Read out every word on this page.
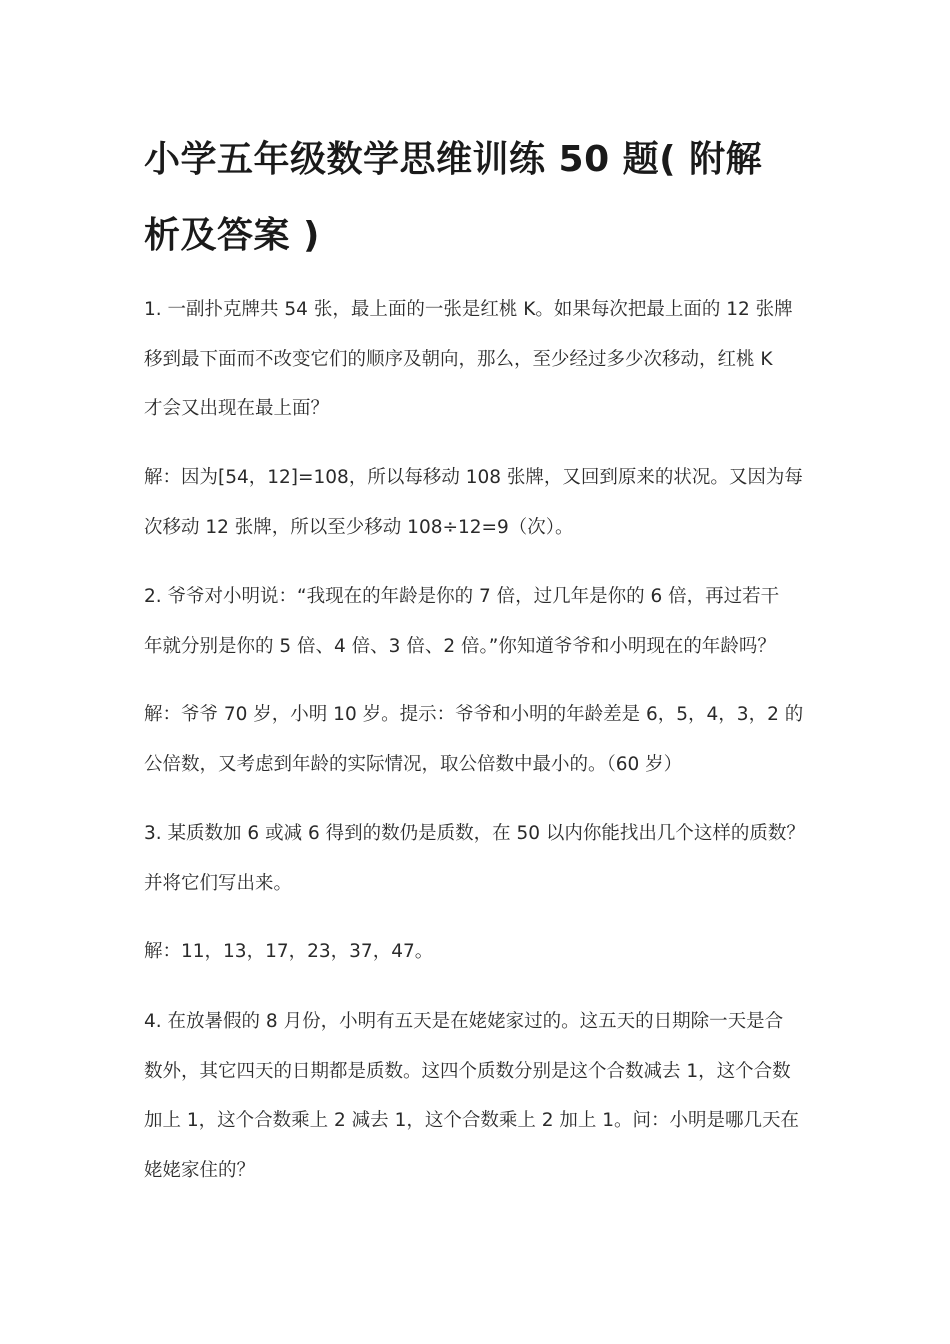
小学五年级数学思维训练 50 题( 附解
析及答案 )

1. 一副扑克牌共 54 张，最上面的一张是红桃 K。如果每次把最上面的 12 张牌
移到最下面而不改变它们的顺序及朝向，那么，至少经过多少次移动，红桃 K
才会又出现在最上面？

解：因为[54，12]=108，所以每移动 108 张牌，又回到原来的状况。又因为每
次移动 12 张牌，所以至少移动 108÷12=9（次）。

2. 爷爷对小明说：“我现在的年龄是你的 7 倍，过几年是你的 6 倍，再过若干
年就分别是你的 5 倍、4 倍、3 倍、2 倍。”你知道爷爷和小明现在的年龄吗？

解：爷爷 70 岁，小明 10 岁。提示：爷爷和小明的年龄差是 6，5，4，3，2 的
公倍数，又考虑到年龄的实际情况，取公倍数中最小的。（60 岁）

3. 某质数加 6 或减 6 得到的数仍是质数，在 50 以内你能找出几个这样的质数？
并将它们写出来。

解：11，13，17，23，37，47。

4. 在放暑假的 8 月份，小明有五天是在姥姥家过的。这五天的日期除一天是合
数外，其它四天的日期都是质数。这四个质数分别是这个合数减去 1，这个合数
加上 1，这个合数乘上 2 减去 1，这个合数乘上 2 加上 1。问：小明是哪几天在
姥姥家住的？
